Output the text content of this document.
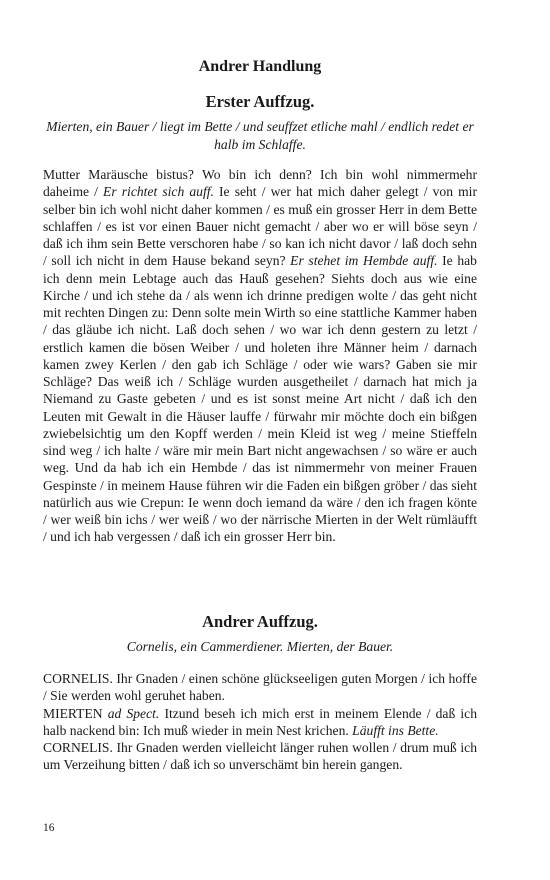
Andrer Handlung
Erster Auffzug.

Mierten, ein Bauer / liegt im Bette / und seuffzet etliche mahl / endlich redet er halb im Schlaffe.

Mutter Maräusche bistus? Wo bin ich denn? Ich bin wohl nimmermehr daheime / Er richtet sich auff. Ie seht / wer hat mich daher gelegt / von mir selber bin ich wohl nicht daher kommen / es muß ein grosser Herr in dem Bette schlaffen / es ist vor einen Bauer nicht gemacht / aber wo er will böse seyn / daß ich ihm sein Bette verschoren habe / so kan ich nicht davor / laß doch sehn / soll ich nicht in dem Hause bekand seyn? Er stehet im Hembde auff. Ie hab ich denn mein Lebtage auch das Hauß gesehen? Siehts doch aus wie eine Kirche / und ich stehe da / als wenn ich drinne predigen wolte / das geht nicht mit rechten Dingen zu: Denn solte mein Wirth so eine stattliche Kammer haben / das gläube ich nicht. Laß doch sehen / wo war ich denn gestern zu letzt / erstlich kamen die bösen Weiber / und holeten ihre Männer heim / darnach kamen zwey Kerlen / den gab ich Schläge / oder wie wars? Gaben sie mir Schläge? Das weiß ich / Schläge wurden ausgetheilet / darnach hat mich ja Niemand zu Gaste gebeten / und es ist sonst meine Art nicht / daß ich den Leuten mit Gewalt in die Häuser lauffe / fürwahr mir möchte doch ein bißgen zwiebelsichtig um den Kopff werden / mein Kleid ist weg / meine Stieffeln sind weg / ich halte / wäre mir mein Bart nicht angewachsen / so wäre er auch weg. Und da hab ich ein Hembde / das ist nimmermehr von meiner Frauen Gespinste / in meinem Hause führen wir die Faden ein bißgen gröber / das sieht natürlich aus wie Crepun: Ie wenn doch iemand da wäre / den ich fragen könte / wer weiß bin ichs / wer weiß / wo der närrische Mierten in der Welt rümläufft / und ich hab vergessen / daß ich ein grosser Herr bin.

Andrer Auffzug.

Cornelis, ein Cammerdiener. Mierten, der Bauer.

CORNELIS. Ihr Gnaden / einen schöne glückseeligen guten Morgen / ich hoffe / Sie werden wohl geruhet haben.
MIERTEN ad Spect. Itzund beseh ich mich erst in meinem Elende / daß ich halb nackend bin: Ich muß wieder in mein Nest krichen. Läufft ins Bette.
CORNELIS. Ihr Gnaden werden vielleicht länger ruhen wollen / drum muß ich um Verzeihung bitten / daß ich so unverschämt bin herein gangen.

16
